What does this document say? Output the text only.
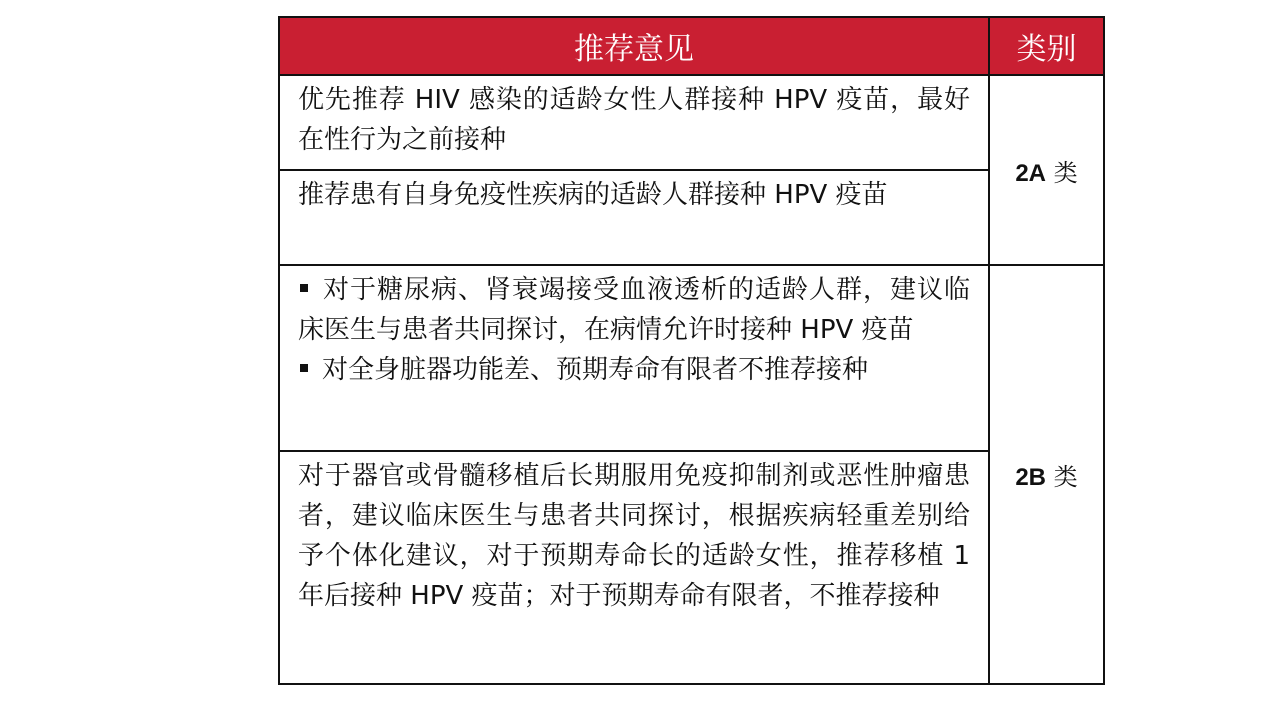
推荐意见	类别
优先推荐 HIV 感染的适龄女性人群接种 HPV 疫苗，最好在性行为之前接种	2A 类
推荐患有自身免疫性疾病的适龄人群接种 HPV 疫苗	

对于糖尿病、肾衰竭接受血液透析的适龄人群，建议临床医生与患者共同探讨，在病情允许时接种 HPV 疫苗
对全身脏器功能差、预期寿命有限者不推荐接种	2B 类
对于器官或骨髓移植后长期服用免疫抑制剂或恶性肿瘤患者，建议临床医生与患者共同探讨，根据疾病轻重差别给予个体化建议，对于预期寿命长的适龄女性，推荐移植 1 年后接种 HPV 疫苗；对于预期寿命有限者，不推荐接种	
